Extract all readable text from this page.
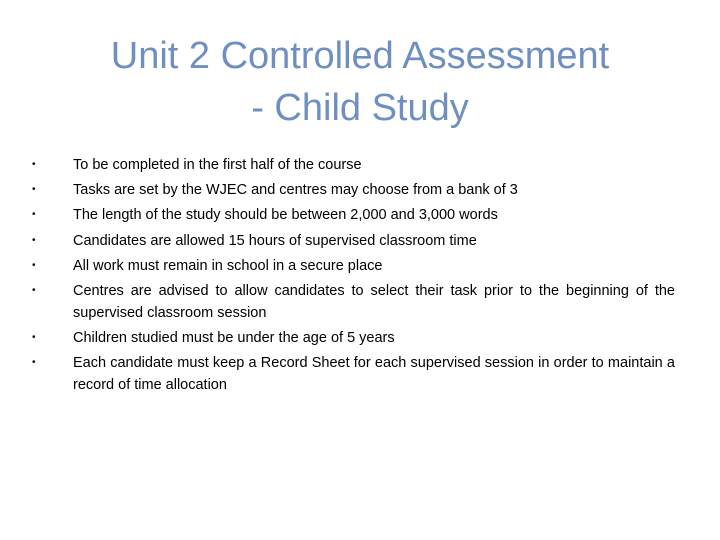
Unit 2 Controlled Assessment
- Child Study
•	To be completed in the first half of the course
•	Tasks are set by the WJEC and centres may choose from a bank of 3
•	The length of the study should be between 2,000 and 3,000 words
•	Candidates are allowed 15 hours of supervised classroom time
•	All work must remain in school in a secure place
•	Centres are advised to allow candidates to select their task prior to the beginning of the supervised classroom session
•	Children studied must be under the age of 5 years
•	Each candidate must keep a Record Sheet for each supervised session in order to maintain a record of time allocation
